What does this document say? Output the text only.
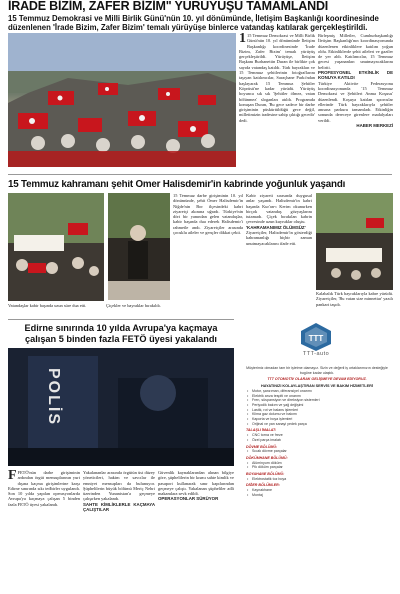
İRADE BİZİM, ZAFER BİZİM" YÜRÜYÜŞÜ TAMAMLANDI
15 Temmuz Demokrasi ve Milli Birlik Günü'nün 10. yıl dönümünde, İletişim Başkanlığı koordinesinde düzenlenen 'İrade Bizim, Zafer Bizim' temalı yürüyüşe binlerce vatandaş katılarak gerçekleştirildi.
1 15 Temmuz Demokrasi ve Milli Birlik Günü'nün 10. yıl dönümünde İletişim Başkanlığı koordinesinde 'İrade Bizim, Zafer Bizim' temalı yürüyüş gerçekleştirildi. Yürüyüşe, İletişim Başkanı Burhanettin Duran ile birlikte çok sayıda vatandaş katıldı. Türk bayrakları ve 15 Temmuz şehitlerinin fotoğraflarını taşıyan katılımcılar, Saraçhane Parkı'ndan başlayarak 15 Temmuz Şehitler Köprüsü'ne kadar yürüdü. Yürüyüş boyunca sık sık 'Şehitler ölmez, vatan bölünmez' sloganları atıldı. Programda konuşan Duran, 'Bu gece sadece bir darbe girişiminin püskürtüldüğü gece değil, milletimizin iradesine sahip çıktığı gecedir' dedi.
Birleşmiş Milletler, Cumhurbaşkanlığı İletişim Başkanlığı'nın koordinasyonunda düzenlenen etkinliklere katılım yoğun oldu. Etkinliklerde şehit aileleri ve gaziler de yer aldı. Katılımcılar, 15 Temmuz gecesi yaşananları unutmayacaklarını belirtti.
PROFESYONEL ETKİNLİK DE KONUYA KATILDI
Türkiye Aktivite Federasyonu koordinasyonunda '15 Temmuz Demokrasi ve Şehitleri Anma Koşusu' düzenlendi. Koşuya katılan sporcular ellerinde Türk bayraklarıyla şehitler anısına parkuru tamamladı. Etkinliğin sonunda dereceye girenlere madalyaları verildi.
HABER MERKEZİ
15 Temmuz kahramanı şehit Ömer Halisdemir'in kabrinde yoğunluk yaşandı
15 Temmuz darbe girişiminin 10. yıl dönümünde, şehit Ömer Halisdemir'in Niğde'nin Bor ilçesindeki kabri ziyaretçi akınına uğradı. Türkiye'nin dört bir yanından gelen vatandaşlar, kabir başında dua ederek Halisdemir'i rahmetle andı. Ziyaretçiler arasında çocuklu aileler ve gençler dikkat çekti.
Kabir ziyareti sırasında duygusal anlar yaşandı. Halisdemir'in kabri başında Kur'an-ı Kerim okunurken birçok vatandaş gözyaşlarını tutamadı. Çiçek bırakılan kabrin çevresinde uzun kuyruklar oluştu.
'KAHRAMANIMIZ ÖLÜMSÜZ'
Ziyaretçiler, Halisdemir'in gösterdiği kahramanlığı hiçbir zaman unutmayacaklarını ifade etti.
Vatandaşlar kabir başında uzun süre dua etti.	Çiçekler ve bayraklar bırakıldı.
Kalabalık Türk bayraklarıyla kabre yürüdü. Ziyaretçiler, 'Bu vatan size minnettar' yazılı pankart taşıdı.
Edirne sınırında 10 yılda Avrupa'ya kaçmaya çalışan 5 binden fazla FETÖ üyesi yakalandı
POLİS
FFETÖ'nün darbe girişiminin ardından örgüt mensuplarının yurt dışına kaçma girişimlerine karşı Edirne sınırında sıkı tedbirler uygulandı. Son 10 yılda yapılan operasyonlarda Avrupa'ya kaçmaya çalışan 5 binden fazla FETÖ üyesi yakalandı.
Yakalananlar arasında örgütün üst düzey yöneticileri, hakim ve savcılar ile emniyet mensupları da bulunuyor. Şüphelilerin büyük bölümü Meriç Nehri üzerinden Yunanistan'a geçmeye çalışırken yakalandı.
SAHTE KİMLİKLERLE KAÇMAYA ÇALIŞTILAR
Güvenlik kaynaklarından alınan bilgiye göre, şüphelilerin bir kısmı sahte kimlik ve pasaport kullanarak sınır kapılarından geçmeye çalıştı. Yakalanan şüpheliler adli makamlara sevk edildi.
OPERASYONLAR SÜRÜYOR
TTT
TTT-auto
Müşterimiz olmadan tam bir işletme olamayız. Sizin ve değerli iş ortaklarımızın desteğiyle bugüne kadar ulaştık.
TTT OTOMOTİV OLARAK GELİŞMEYE DEVAM EDİYORUZ.
HAYATINIZI KOLAYLAŞTIRAN SERVİS VE BAKIM HİZMETLERİ
• Motor, şanzıman, diferansiyel onarımı
• Elektrik arıza tespiti ve onarımı
• Fren, süspansiyon ve direksiyon sistemleri
• Periyodik bakım ve yağ değişimi
• Lastik, rot ve balans işlemleri
• Klima gaz dolumu ve bakımı
• Kaporta ve boya işlemleri
• Orijinal ve yan sanayi yedek parça
TALAŞLI İMALAT:
• CNC torna ve freze
• Özel parça imalatı
DÖVME BÖLÜMÜ:
• Sıcak dövme parçalar
DÖKÜMHANE BÖLÜMÜ:
• Alüminyum döküm
• Pik döküm parçalar
BOYAHANE BÖLÜMÜ:
• Elektrostatik toz boya
DİĞER BÖLÜMLER:
• Kaynakhane
• Montaj
